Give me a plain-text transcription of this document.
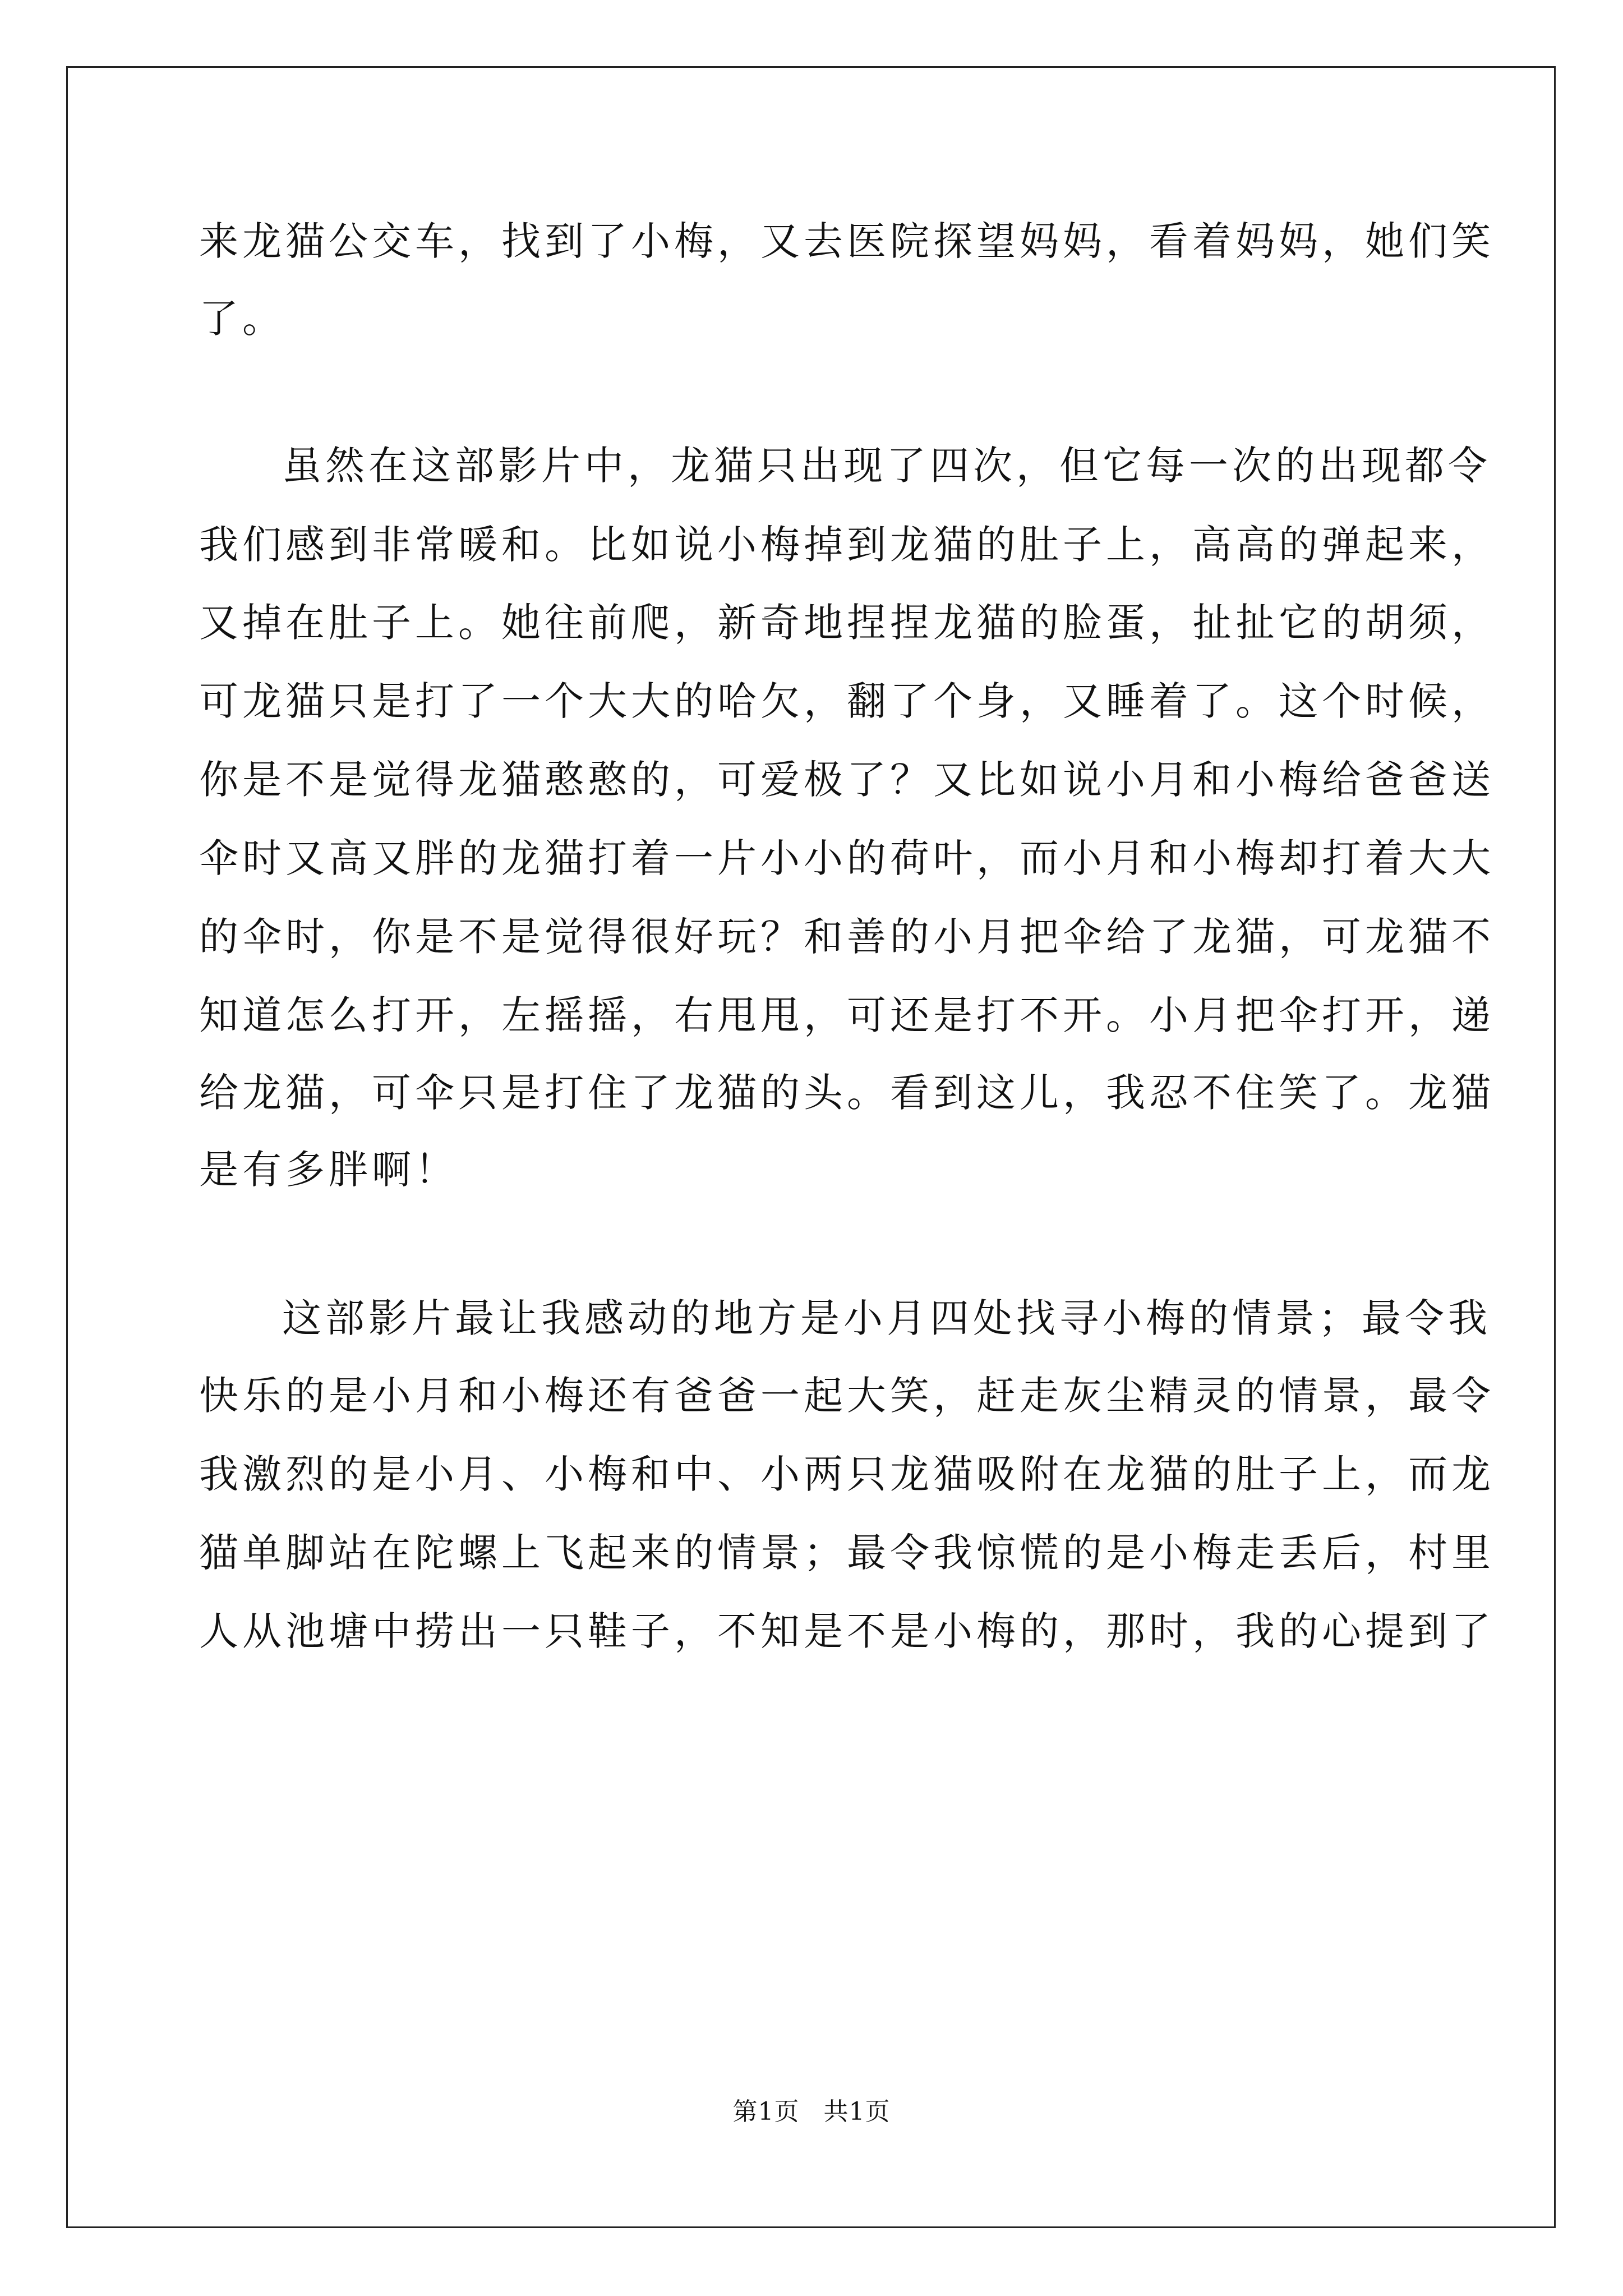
来龙猫公交车，找到了小梅，又去医院探望妈妈，看着妈妈，她们笑
了。
虽然在这部影片中，龙猫只出现了四次，但它每一次的出现都令
我们感到非常暖和。比如说小梅掉到龙猫的肚子上，高高的弹起来，
又掉在肚子上。她往前爬，新奇地捏捏龙猫的脸蛋，扯扯它的胡须，
可龙猫只是打了一个大大的哈欠，翻了个身，又睡着了。这个时候，
你是不是觉得龙猫憨憨的，可爱极了？又比如说小月和小梅给爸爸送
伞时又高又胖的龙猫打着一片小小的荷叶，而小月和小梅却打着大大
的伞时，你是不是觉得很好玩？和善的小月把伞给了龙猫，可龙猫不
知道怎么打开，左摇摇，右甩甩，可还是打不开。小月把伞打开，递
给龙猫，可伞只是打住了龙猫的头。看到这儿，我忍不住笑了。龙猫
是有多胖啊！
这部影片最让我感动的地方是小月四处找寻小梅的情景；最令我
快乐的是小月和小梅还有爸爸一起大笑，赶走灰尘精灵的情景，最令
我激烈的是小月、小梅和中、小两只龙猫吸附在龙猫的肚子上，而龙
猫单脚站在陀螺上飞起来的情景；最令我惊慌的是小梅走丢后，村里
人从池塘中捞出一只鞋子，不知是不是小梅的，那时，我的心提到了
第1页 共1页
